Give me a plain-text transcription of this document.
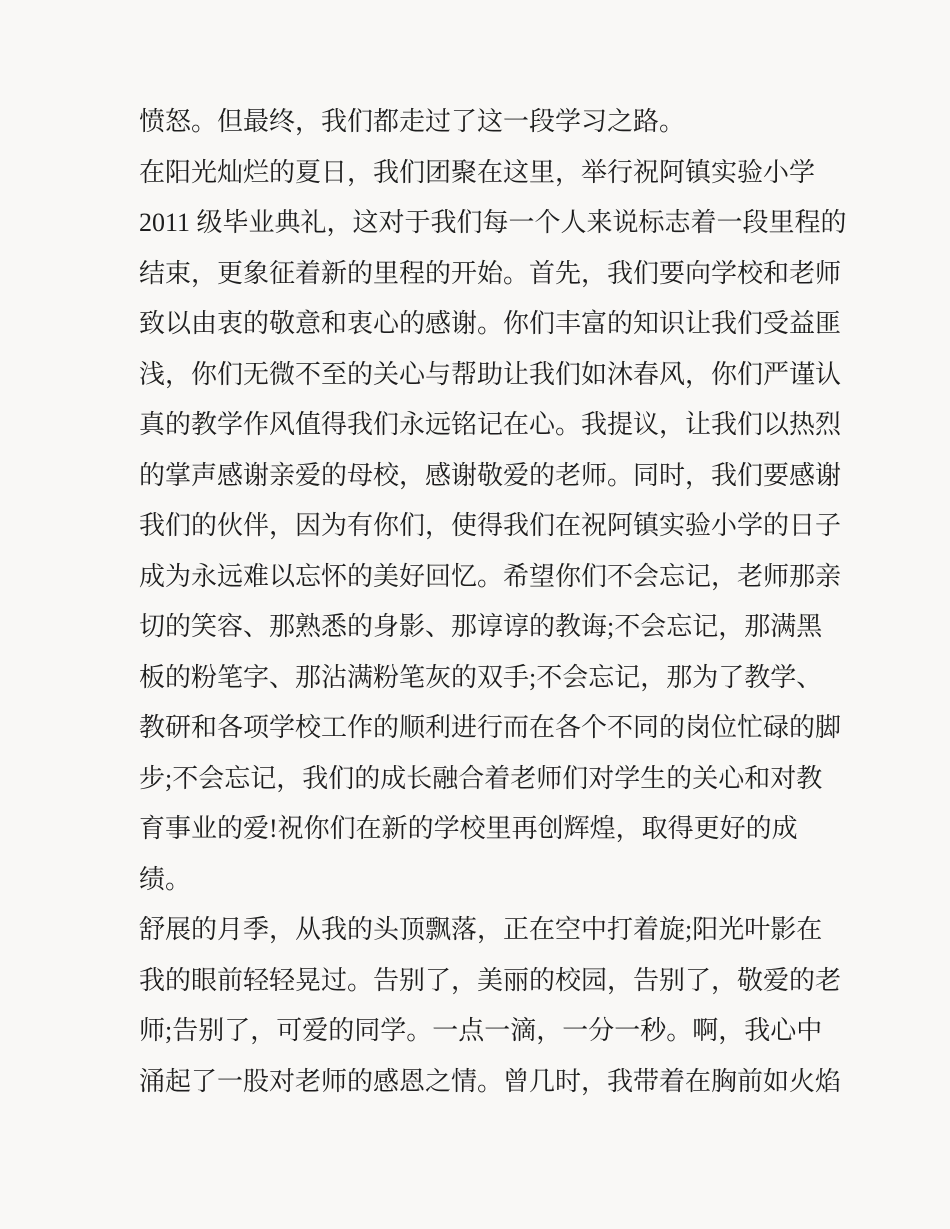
愤怒。但最终，我们都走过了这一段学习之路。
在阳光灿烂的夏日，我们团聚在这里，举行祝阿镇实验小学
2011 级毕业典礼，这对于我们每一个人来说标志着一段里程的
结束，更象征着新的里程的开始。首先，我们要向学校和老师
致以由衷的敬意和衷心的感谢。你们丰富的知识让我们受益匪
浅，你们无微不至的关心与帮助让我们如沐春风，你们严谨认
真的教学作风值得我们永远铭记在心。我提议，让我们以热烈
的掌声感谢亲爱的母校，感谢敬爱的老师。同时，我们要感谢
我们的伙伴，因为有你们，使得我们在祝阿镇实验小学的日子
成为永远难以忘怀的美好回忆。希望你们不会忘记，老师那亲
切的笑容、那熟悉的身影、那谆谆的教诲;不会忘记，那满黑
板的粉笔字、那沾满粉笔灰的双手;不会忘记，那为了教学、
教研和各项学校工作的顺利进行而在各个不同的岗位忙碌的脚
步;不会忘记，我们的成长融合着老师们对学生的关心和对教
育事业的爱!祝你们在新的学校里再创辉煌，取得更好的成
绩。
舒展的月季，从我的头顶飘落，正在空中打着旋;阳光叶影在
我的眼前轻轻晃过。告别了，美丽的校园，告别了，敬爱的老
师;告别了，可爱的同学。一点一滴，一分一秒。啊，我心中
涌起了一股对老师的感恩之情。曾几时，我带着在胸前如火焰
